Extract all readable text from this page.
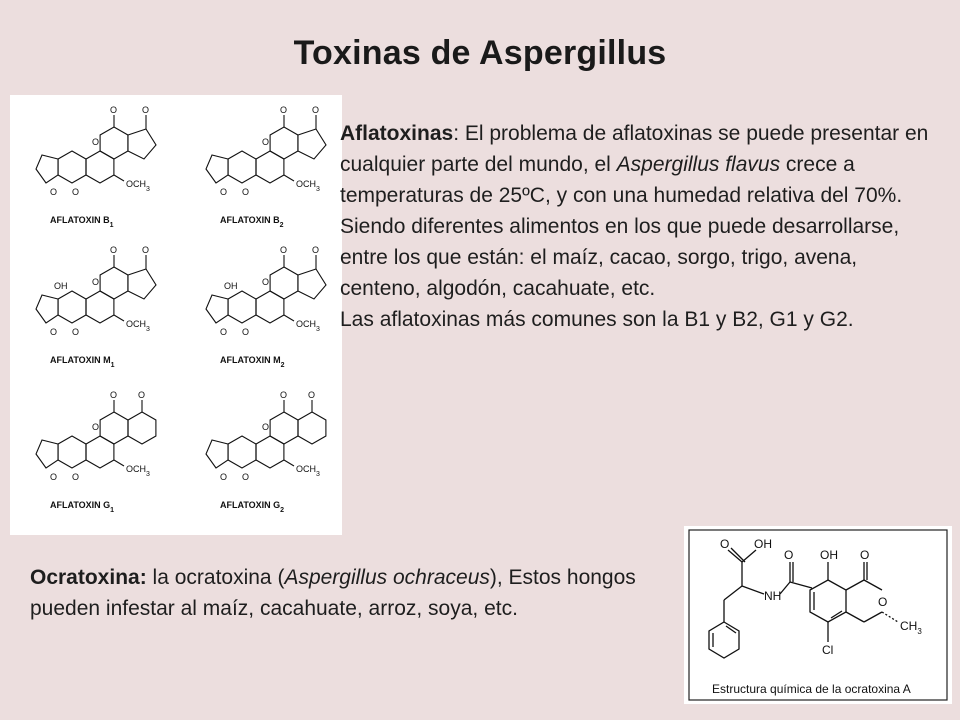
Toxinas de Aspergillus
O	O
O
O O
$OCH_3$
AFLATOXIN $B_1$
O	O
O
O O
$OCH_3$
AFLATOXIN $B_2$
O	O
O
O O
OH
$OCH_3$
AFLATOXIN $M_1$
O	O
O
O O
OH
$OCH_3$
AFLATOXIN $M_2$
O O
O
O O
$OCH_3$
AFLATOXIN $G_1$
O O
O
O O
$OCH_3$
AFLATOXIN $G_2$
Aflatoxinas: El problema de aflatoxinas se puede presentar en cualquier parte del mundo, el Aspergillus flavus crece a temperaturas de 25ºC, y con una humedad relativa del 70%. Siendo diferentes alimentos en los que puede desarrollarse, entre los que están: el maíz, cacao, sorgo, trigo, avena, centeno, algodón, cacahuate, etc.
Las aflatoxinas más comunes son la B1 y B2, G1 y G2.
Ocratoxina: la ocratoxina (Aspergillus ochraceus), Estos hongos pueden infestar al maíz, cacahuate, arroz, soya, etc.
O OH
O
NH
OH O
O
$CH_3$
Cl
Estructura química de la ocratoxina A
